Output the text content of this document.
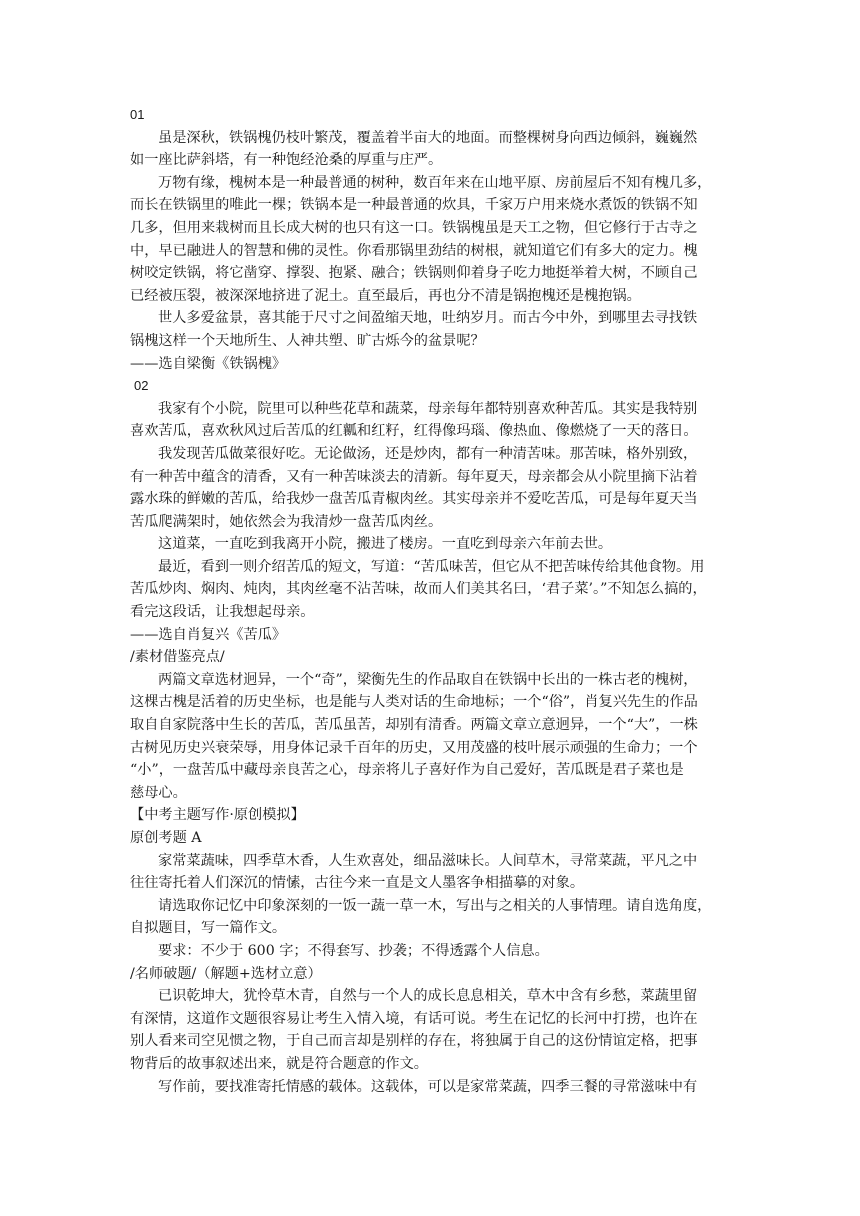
01
虽是深秋，铁锅槐仍枝叶繁茂，覆盖着半亩大的地面。而整棵树身向西边倾斜，巍巍然
如一座比萨斜塔，有一种饱经沧桑的厚重与庄严。
万物有缘，槐树本是一种最普通的树种，数百年来在山地平原、房前屋后不知有槐几多，
而长在铁锅里的唯此一棵；铁锅本是一种最普通的炊具，千家万户用来烧水煮饭的铁锅不知
几多，但用来栽树而且长成大树的也只有这一口。铁锅槐虽是天工之物，但它修行于古寺之
中，早已融进人的智慧和佛的灵性。你看那锅里劲结的树根，就知道它们有多大的定力。槐
树咬定铁锅，将它凿穿、撑裂、抱紧、融合；铁锅则仰着身子吃力地挺举着大树，不顾自己
已经被压裂，被深深地挤进了泥土。直至最后，再也分不清是锅抱槐还是槐抱锅。
世人多爱盆景，喜其能于尺寸之间盈缩天地，吐纳岁月。而古今中外，到哪里去寻找铁
锅槐这样一个天地所生、人神共塑、旷古烁今的盆景呢？
——选自梁衡《铁锅槐》
02
我家有个小院，院里可以种些花草和蔬菜，母亲每年都特别喜欢种苦瓜。其实是我特别
喜欢苦瓜，喜欢秋风过后苦瓜的红瓤和红籽，红得像玛瑙、像热血、像燃烧了一天的落日。
我发现苦瓜做菜很好吃。无论做汤，还是炒肉，都有一种清苦味。那苦味，格外别致，
有一种苦中蕴含的清香，又有一种苦味淡去的清新。每年夏天，母亲都会从小院里摘下沾着
露水珠的鲜嫩的苦瓜，给我炒一盘苦瓜青椒肉丝。其实母亲并不爱吃苦瓜，可是每年夏天当
苦瓜爬满架时，她依然会为我清炒一盘苦瓜肉丝。
这道菜，一直吃到我离开小院，搬进了楼房。一直吃到母亲六年前去世。
最近，看到一则介绍苦瓜的短文，写道：“苦瓜味苦，但它从不把苦味传给其他食物。用
苦瓜炒肉、焖肉、炖肉，其肉丝毫不沾苦味，故而人们美其名曰，‘君子菜’。”不知怎么搞的，
看完这段话，让我想起母亲。
——选自肖复兴《苦瓜》
/素材借鉴亮点/
两篇文章选材迥异，一个“奇”，梁衡先生的作品取自在铁锅中长出的一株古老的槐树，
这棵古槐是活着的历史坐标，也是能与人类对话的生命地标；一个“俗”，肖复兴先生的作品
取自自家院落中生长的苦瓜，苦瓜虽苦，却别有清香。两篇文章立意迥异，一个“大”，一株
古树见历史兴衰荣辱，用身体记录千百年的历史，又用茂盛的枝叶展示顽强的生命力；一个
“小”，一盘苦瓜中藏母亲良苦之心，母亲将儿子喜好作为自己爱好，苦瓜既是君子菜也是
慈母心。
【中考主题写作·原创模拟】
原创考题 A
家常菜蔬味，四季草木香，人生欢喜处，细品滋味长。人间草木，寻常菜蔬，平凡之中
往往寄托着人们深沉的情愫，古往今来一直是文人墨客争相描摹的对象。
请选取你记忆中印象深刻的一饭一蔬一草一木，写出与之相关的人事情理。请自选角度，
自拟题目，写一篇作文。
要求：不少于 600 字；不得套写、抄袭；不得透露个人信息。
/名师破题/（解题+选材立意）
已识乾坤大，犹怜草木青，自然与一个人的成长息息相关，草木中含有乡愁，菜蔬里留
有深情，这道作文题很容易让考生入情入境，有话可说。考生在记忆的长河中打捞，也许在
别人看来司空见惯之物，于自己而言却是别样的存在，将独属于自己的这份情谊定格，把事
物背后的故事叙述出来，就是符合题意的作文。
写作前，要找准寄托情感的载体。这载体，可以是家常菜蔬，四季三餐的寻常滋味中有
